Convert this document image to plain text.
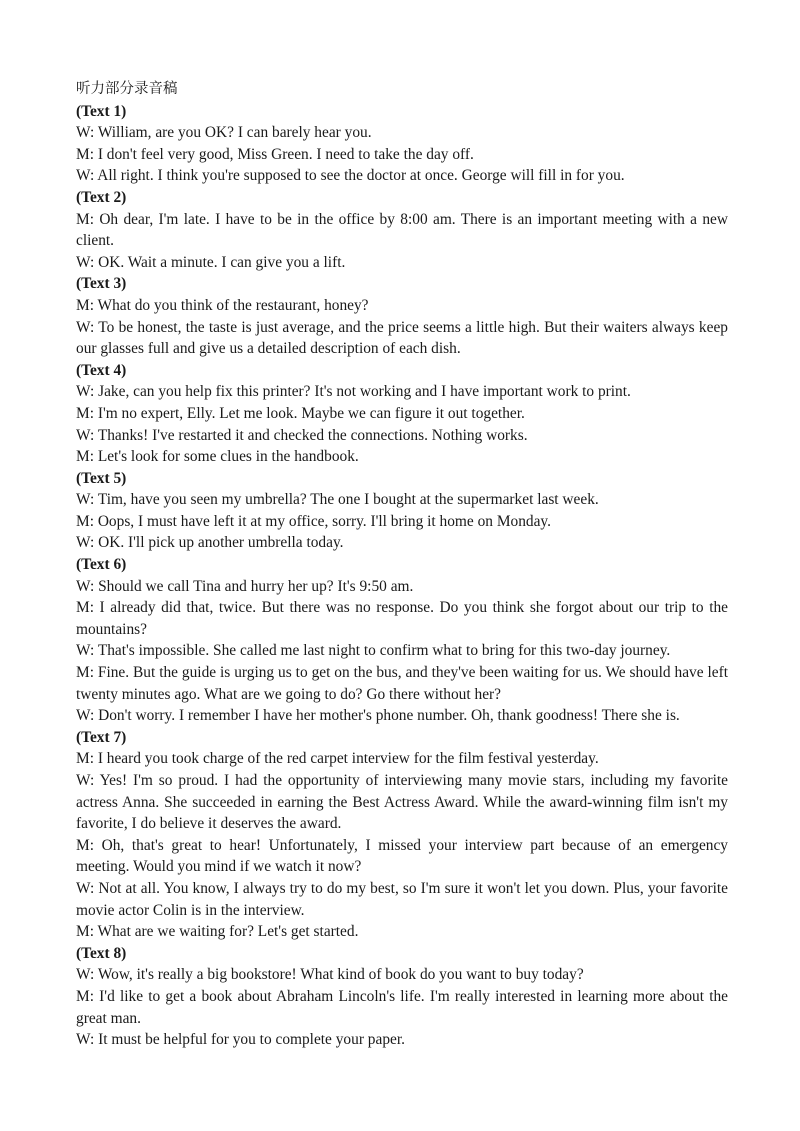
听力部分录音稿
(Text 1)
W: William, are you OK? I can barely hear you.
M: I don't feel very good, Miss Green. I need to take the day off.
W: All right. I think you're supposed to see the doctor at once. George will fill in for you.
(Text 2)
M: Oh dear, I'm late. I have to be in the office by 8:00 am. There is an important meeting with a new client.
W: OK. Wait a minute. I can give you a lift.
(Text 3)
M: What do you think of the restaurant, honey?
W: To be honest, the taste is just average, and the price seems a little high. But their waiters always keep our glasses full and give us a detailed description of each dish.
(Text 4)
W: Jake, can you help fix this printer? It's not working and I have important work to print.
M: I'm no expert, Elly. Let me look. Maybe we can figure it out together.
W: Thanks! I've restarted it and checked the connections. Nothing works.
M: Let's look for some clues in the handbook.
(Text 5)
W: Tim, have you seen my umbrella? The one I bought at the supermarket last week.
M: Oops, I must have left it at my office, sorry. I'll bring it home on Monday.
W: OK. I'll pick up another umbrella today.
(Text 6)
W: Should we call Tina and hurry her up? It's 9:50 am.
M: I already did that, twice. But there was no response. Do you think she forgot about our trip to the mountains?
W: That's impossible. She called me last night to confirm what to bring for this two-day journey.
M: Fine. But the guide is urging us to get on the bus, and they've been waiting for us. We should have left twenty minutes ago. What are we going to do? Go there without her?
W: Don't worry. I remember I have her mother's phone number. Oh, thank goodness! There she is.
(Text 7)
M: I heard you took charge of the red carpet interview for the film festival yesterday.
W: Yes! I'm so proud. I had the opportunity of interviewing many movie stars, including my favorite actress Anna. She succeeded in earning the Best Actress Award. While the award-winning film isn't my favorite, I do believe it deserves the award.
M: Oh, that's great to hear! Unfortunately, I missed your interview part because of an emergency meeting. Would you mind if we watch it now?
W: Not at all. You know, I always try to do my best, so I'm sure it won't let you down. Plus, your favorite movie actor Colin is in the interview.
M: What are we waiting for? Let's get started.
(Text 8)
W: Wow, it's really a big bookstore! What kind of book do you want to buy today?
M: I'd like to get a book about Abraham Lincoln's life. I'm really interested in learning more about the great man.
W: It must be helpful for you to complete your paper.
